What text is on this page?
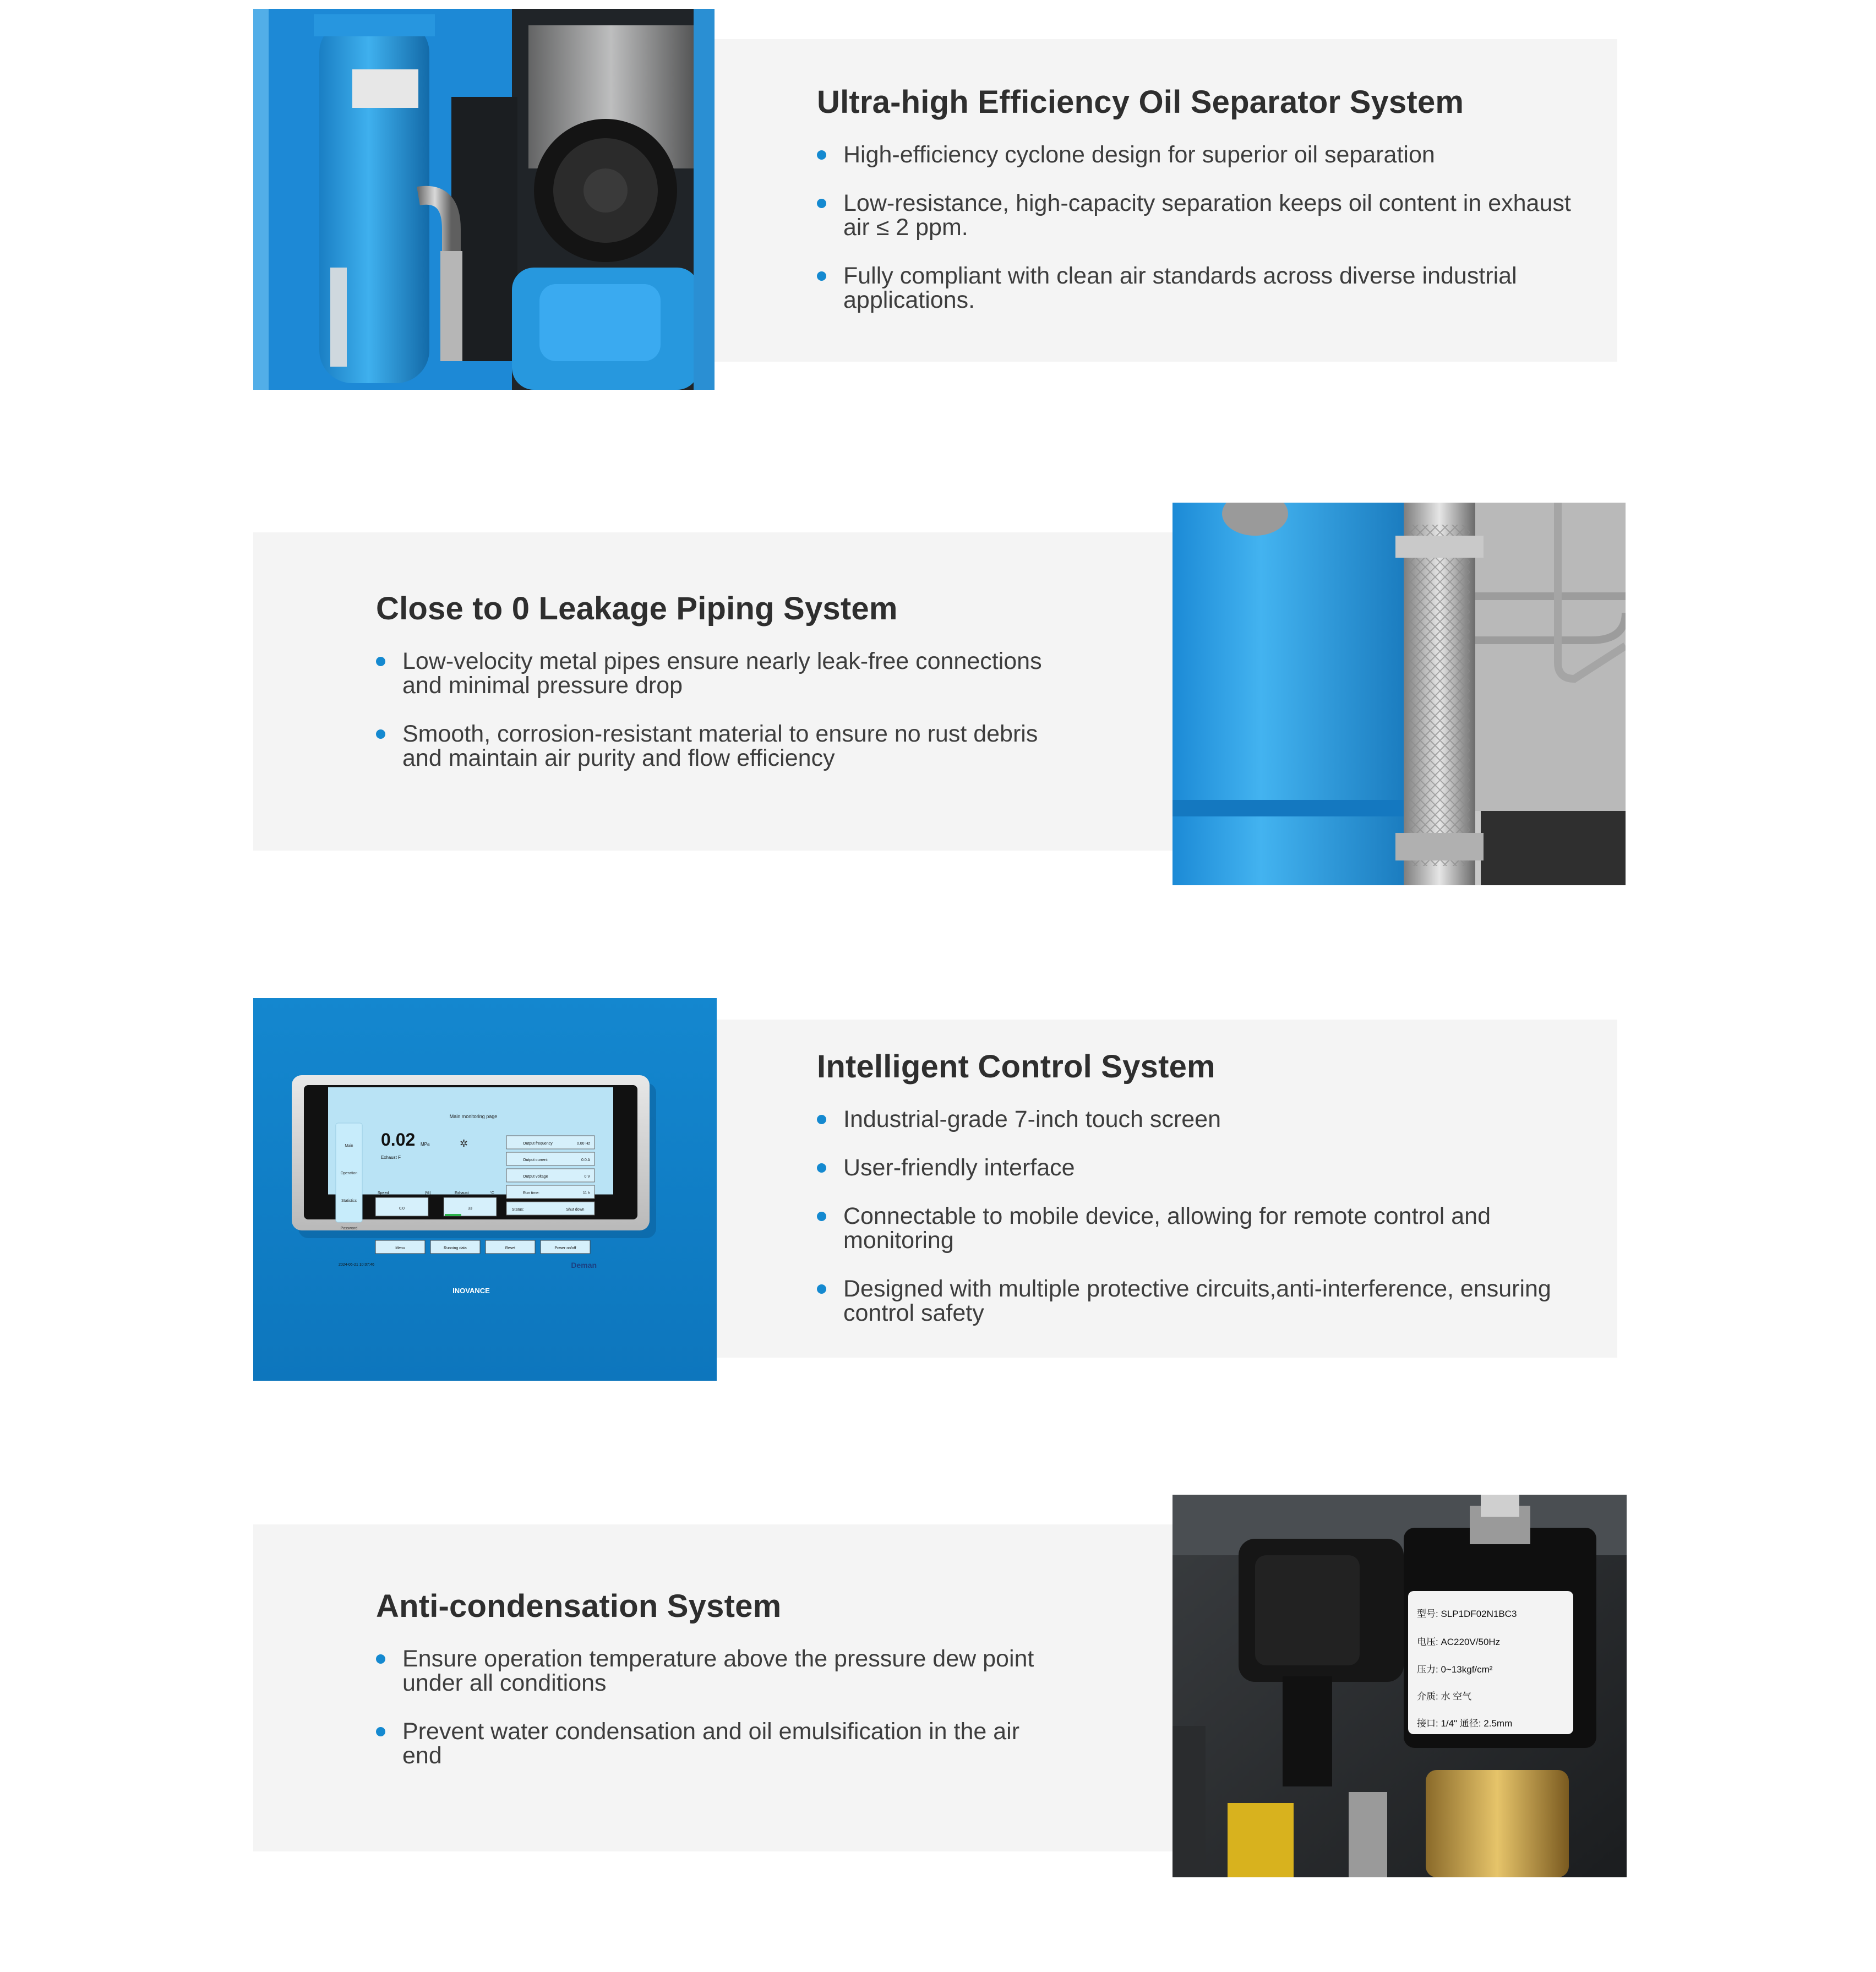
Ultra-high Efficiency Oil Separator System
High-efficiency cyclone design for superior oil separation
Low-resistance, high-capacity separation keeps oil content in exhaust air ≤ 2 ppm.
Fully compliant with clean air standards across diverse industrial applications.
Close to 0 Leakage Piping System
Low-velocity metal pipes ensure nearly leak-free connections and minimal pressure drop
Smooth, corrosion-resistant material to ensure no rust debris and maintain air purity and flow efficiency
Main monitoring page
Main
Operation
Statistics
Password
0.02 MPa
Exhaust F
✲	Output frequency	0.00 Hz
Output current	0.0 A
Output voltage	0 V
Run time:	11 h
Status:	Shut down
Speed	[%]
0.0
Exhaust	°C
33
Menu	Running data	Reset	Power on/off
2024-06-21 10:07:46	Deman
INOVANCE
Intelligent Control System
Industrial-grade 7-inch touch screen
User-friendly interface
Connectable to mobile device, allowing for remote control and monitoring
Designed with multiple protective circuits,anti-interference, ensuring control safety
型号: SLP1DF02N1BC3
电压: AC220V/50Hz
压力: 0~13kgf/cm²
介质: 水 空气
接口: 1/4" 通径: 2.5mm
Anti-condensation System
Ensure operation temperature above the pressure dew point under all conditions
Prevent water condensation and oil emulsification in the air end
